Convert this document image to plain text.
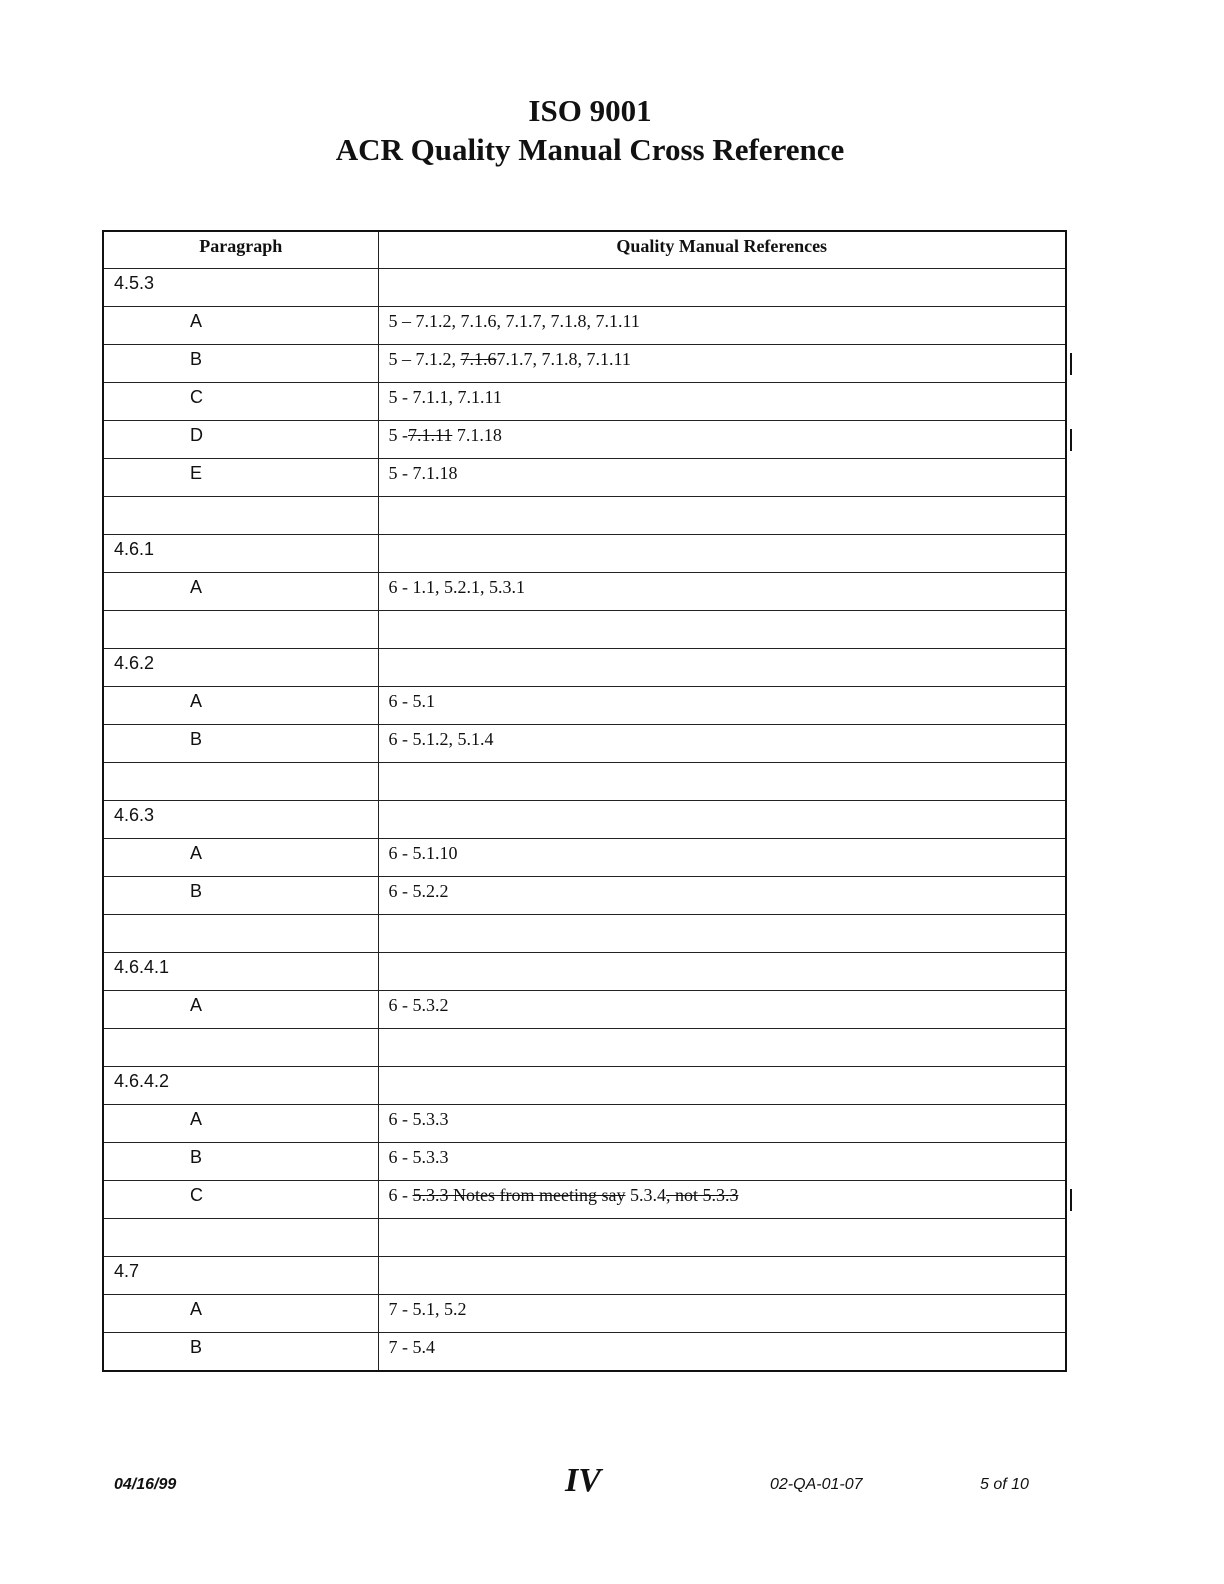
ISO 9001
ACR Quality Manual Cross Reference
Paragraph	Quality Manual References
4.5.3	
A	5 – 7.1.2, 7.1.6, 7.1.7, 7.1.8, 7.1.11
B	5 – 7.1.2, 7.1.67.1.7, 7.1.8, 7.1.11
C	5 - 7.1.1, 7.1.11
D	5 -7.1.11 7.1.18
E	5 - 7.1.18

4.6.1	
A	6 - 1.1, 5.2.1, 5.3.1

4.6.2	
A	6 - 5.1
B	6 - 5.1.2, 5.1.4

4.6.3	
A	6 - 5.1.10
B	6 - 5.2.2

4.6.4.1	
A	6 - 5.3.2

4.6.4.2	
A	6 - 5.3.3
B	6 - 5.3.3
C	6 - 5.3.3 Notes from meeting say 5.3.4, not 5.3.3

4.7	
A	7 - 5.1, 5.2
B	7 - 5.4
04/16/99	IV	02-QA-01-07	5 of 10
